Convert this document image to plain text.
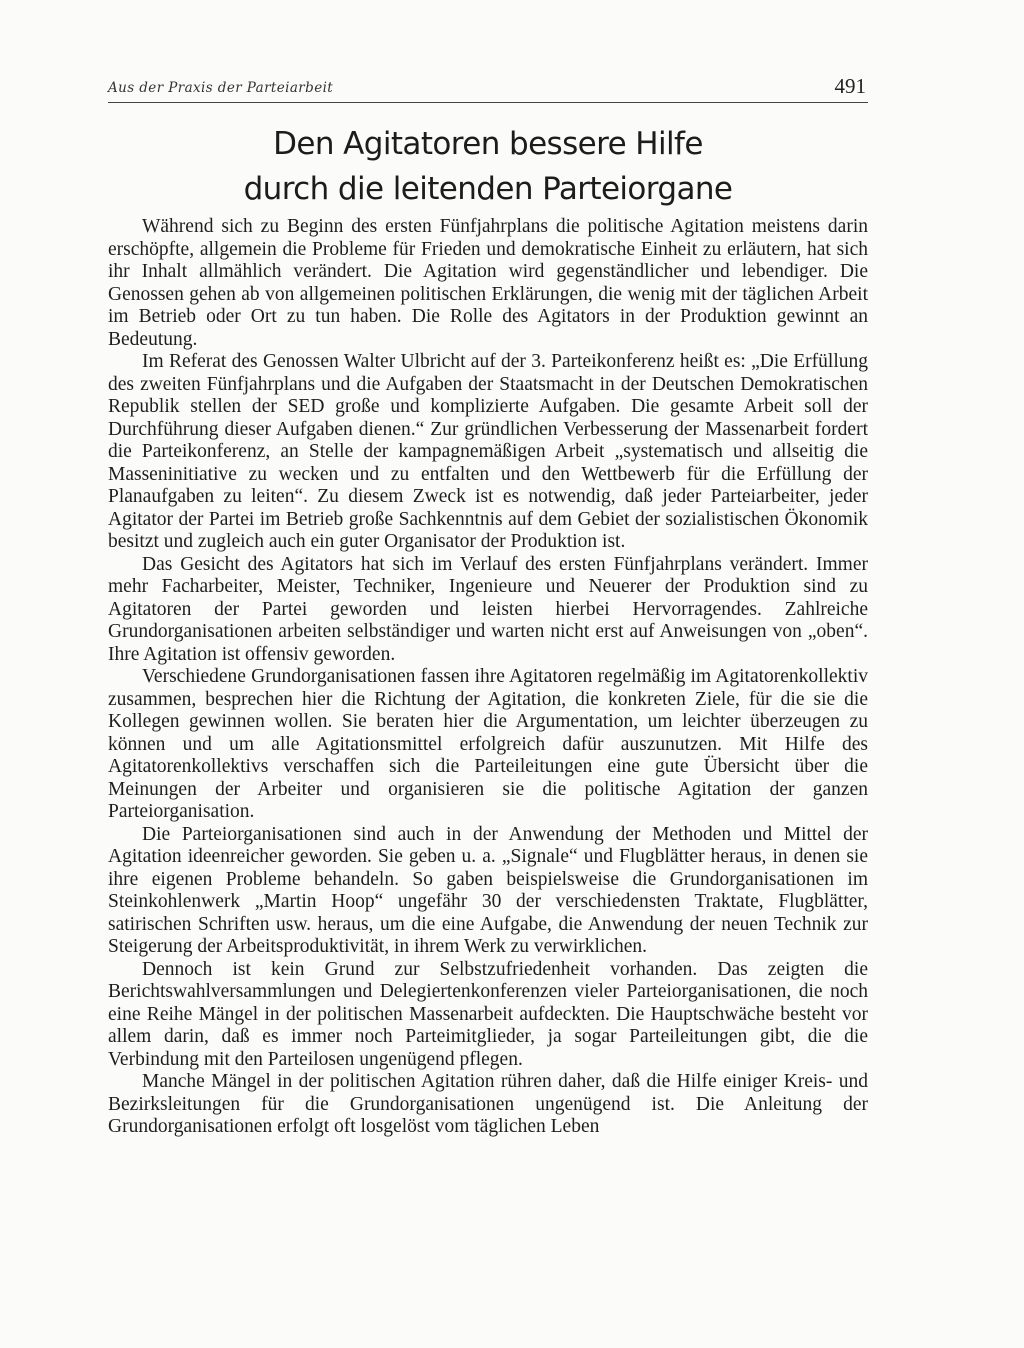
Aus der Praxis der Parteiarbeit	491
Den Agitatoren bessere Hilfe
durch die leitenden Parteiorgane

Während sich zu Beginn des ersten Fünfjahrplans die politische Agitation meistens darin erschöpfte, allgemein die Probleme für Frieden und demokratische Einheit zu erläutern, hat sich ihr Inhalt allmählich verändert. Die Agitation wird gegenständlicher und lebendiger. Die Genossen gehen ab von allgemeinen politischen Erklärungen, die wenig mit der täglichen Arbeit im Betrieb oder Ort zu tun haben. Die Rolle des Agitators in der Produktion gewinnt an Bedeutung.

Im Referat des Genossen Walter Ulbricht auf der 3. Parteikonferenz heißt es: „Die Erfüllung des zweiten Fünfjahrplans und die Aufgaben der Staatsmacht in der Deutschen Demokratischen Republik stellen der SED große und komplizierte Aufgaben. Die gesamte Arbeit soll der Durchführung dieser Aufgaben dienen.“ Zur gründlichen Verbesserung der Massenarbeit fordert die Parteikonferenz, an Stelle der kampagnemäßigen Arbeit „systematisch und allseitig die Masseninitiative zu wecken und zu entfalten und den Wettbewerb für die Erfüllung der Planaufgaben zu leiten“. Zu diesem Zweck ist es notwendig, daß jeder Parteiarbeiter, jeder Agitator der Partei im Betrieb große Sachkenntnis auf dem Gebiet der sozialistischen Ökonomik besitzt und zugleich auch ein guter Organisator der Produktion ist.

Das Gesicht des Agitators hat sich im Verlauf des ersten Fünfjahrplans verändert. Immer mehr Facharbeiter, Meister, Techniker, Ingenieure und Neuerer der Produktion sind zu Agitatoren der Partei geworden und leisten hierbei Hervorragendes. Zahlreiche Grundorganisationen arbeiten selbständiger und warten nicht erst auf Anweisungen von „oben“. Ihre Agitation ist offensiv geworden.

Verschiedene Grundorganisationen fassen ihre Agitatoren regelmäßig im Agitatorenkollektiv zusammen, besprechen hier die Richtung der Agitation, die konkreten Ziele, für die sie die Kollegen gewinnen wollen. Sie beraten hier die Argumentation, um leichter überzeugen zu können und um alle Agitationsmittel erfolgreich dafür auszunutzen. Mit Hilfe des Agitatorenkollektivs verschaffen sich die Parteileitungen eine gute Übersicht über die Meinungen der Arbeiter und organisieren sie die politische Agitation der ganzen Parteiorganisation.

Die Parteiorganisationen sind auch in der Anwendung der Methoden und Mittel der Agitation ideenreicher geworden. Sie geben u. a. „Signale“ und Flugblätter heraus, in denen sie ihre eigenen Probleme behandeln. So gaben beispielsweise die Grundorganisationen im Steinkohlenwerk „Martin Hoop“ ungefähr 30 der verschiedensten Traktate, Flugblätter, satirischen Schriften usw. heraus, um die eine Aufgabe, die Anwendung der neuen Technik zur Steigerung der Arbeitsproduktivität, in ihrem Werk zu verwirklichen.

Dennoch ist kein Grund zur Selbstzufriedenheit vorhanden. Das zeigten die Berichtswahlversammlungen und Delegiertenkonferenzen vieler Parteiorganisationen, die noch eine Reihe Mängel in der politischen Massenarbeit aufdeckten. Die Hauptschwäche besteht vor allem darin, daß es immer noch Parteimitglieder, ja sogar Parteileitungen gibt, die die Verbindung mit den Parteilosen ungenügend pflegen.

Manche Mängel in der politischen Agitation rühren daher, daß die Hilfe einiger Kreis- und Bezirksleitungen für die Grundorganisationen ungenügend ist. Die Anleitung der Grundorganisationen erfolgt oft losgelöst vom täglichen Leben
